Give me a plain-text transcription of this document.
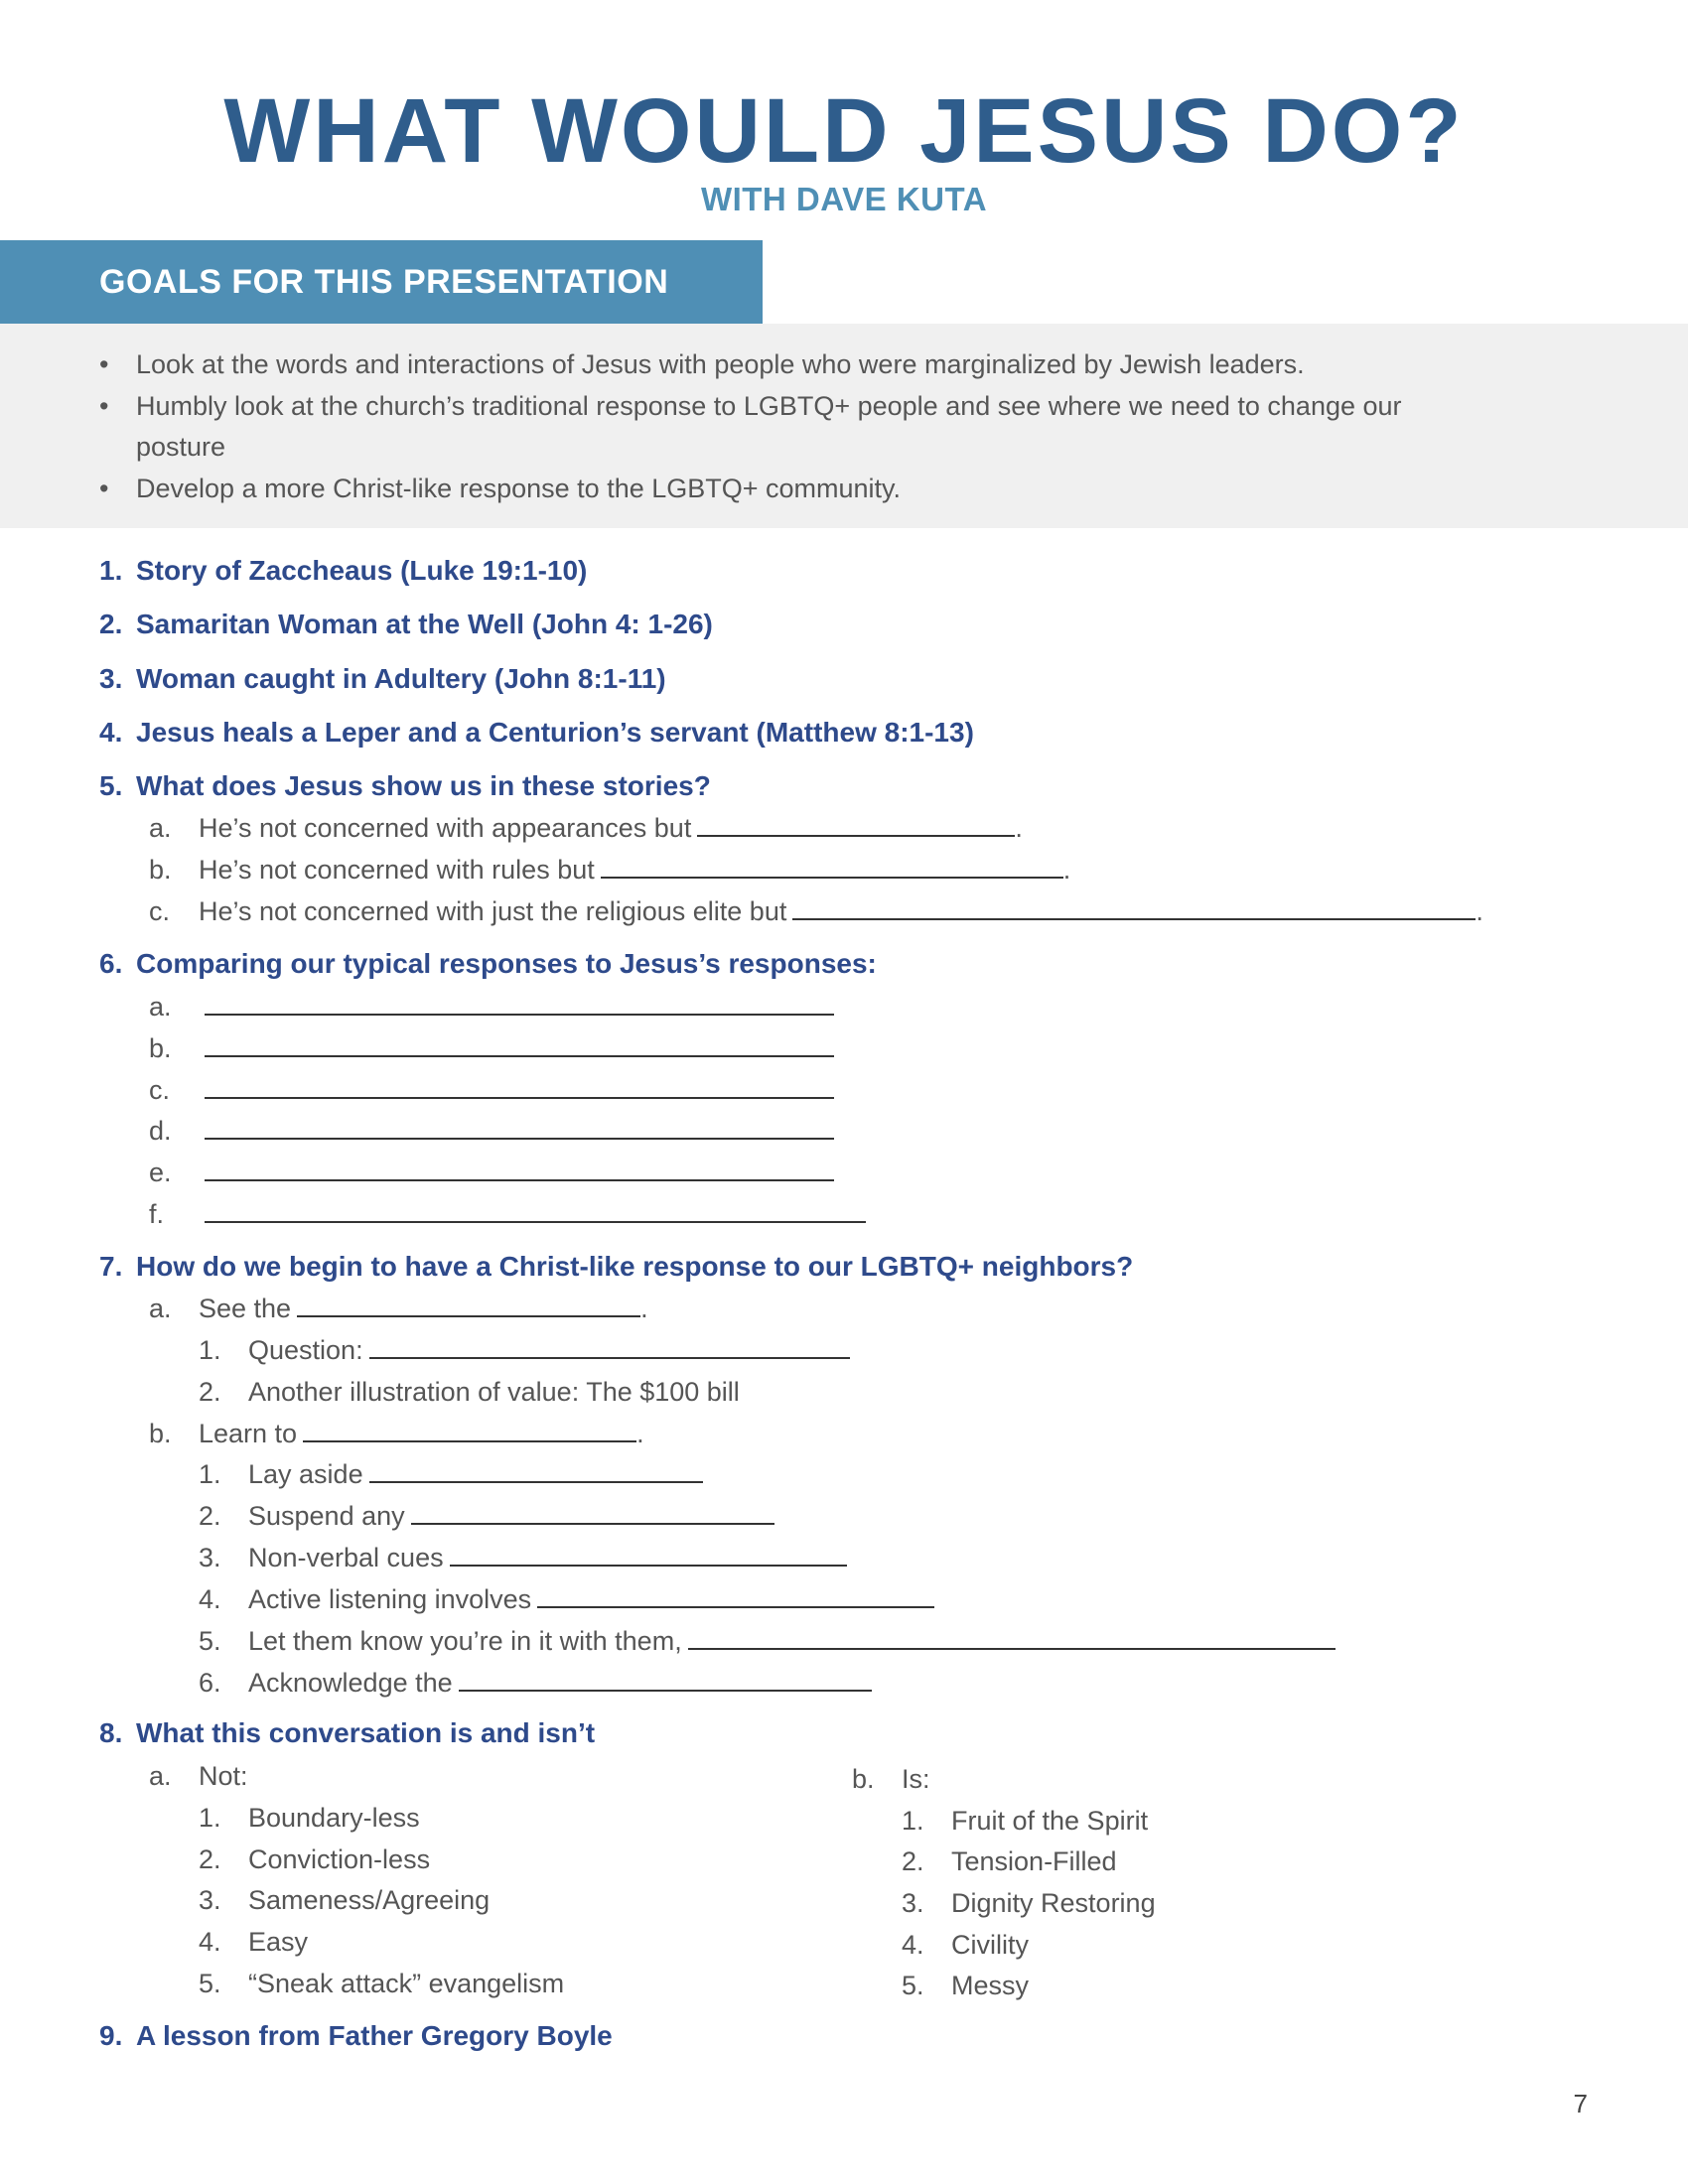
WHAT WOULD JESUS DO?
WITH DAVE KUTA
GOALS FOR THIS PRESENTATION
•	Look at the words and interactions of Jesus with people who were marginalized by Jewish leaders.
•	Humbly look at the church’s traditional response to LGBTQ+ people and see where we need to change our posture
•	Develop a more Christ-like response to the LGBTQ+ community.
1. Story of Zaccheaus (Luke 19:1-10)
2. Samaritan Woman at the Well (John 4: 1-26)
3. Woman caught in Adultery (John 8:1-11)
4. Jesus heals a Leper and a Centurion’s servant (Matthew 8:1-13)
5. What does Jesus show us in these stories?
a. He’s not concerned with appearances but	.
b. He’s not concerned with rules but	.
c. He’s not concerned with just the religious elite but	.
6. Comparing our typical responses to Jesus’s responses:
a.
b.
c.
d.
e.
f.
7. How do we begin to have a Christ-like response to our LGBTQ+ neighbors?
a. See the	.
1. Question:
2. Another illustration of value: The $100 bill
b. Learn to	.
1. Lay aside
2. Suspend any
3. Non-verbal cues
4. Active listening involves
5. Let them know you’re in it with them,
6. Acknowledge the
8. What this conversation is and isn’t
a. Not:
1. Boundary-less
2. Conviction-less
3. Sameness/Agreeing
4. Easy
5. “Sneak attack” evangelism
b. Is:
1. Fruit of the Spirit
2. Tension-Filled
3. Dignity Restoring
4. Civility
5. Messy
9. A lesson from Father Gregory Boyle
7
